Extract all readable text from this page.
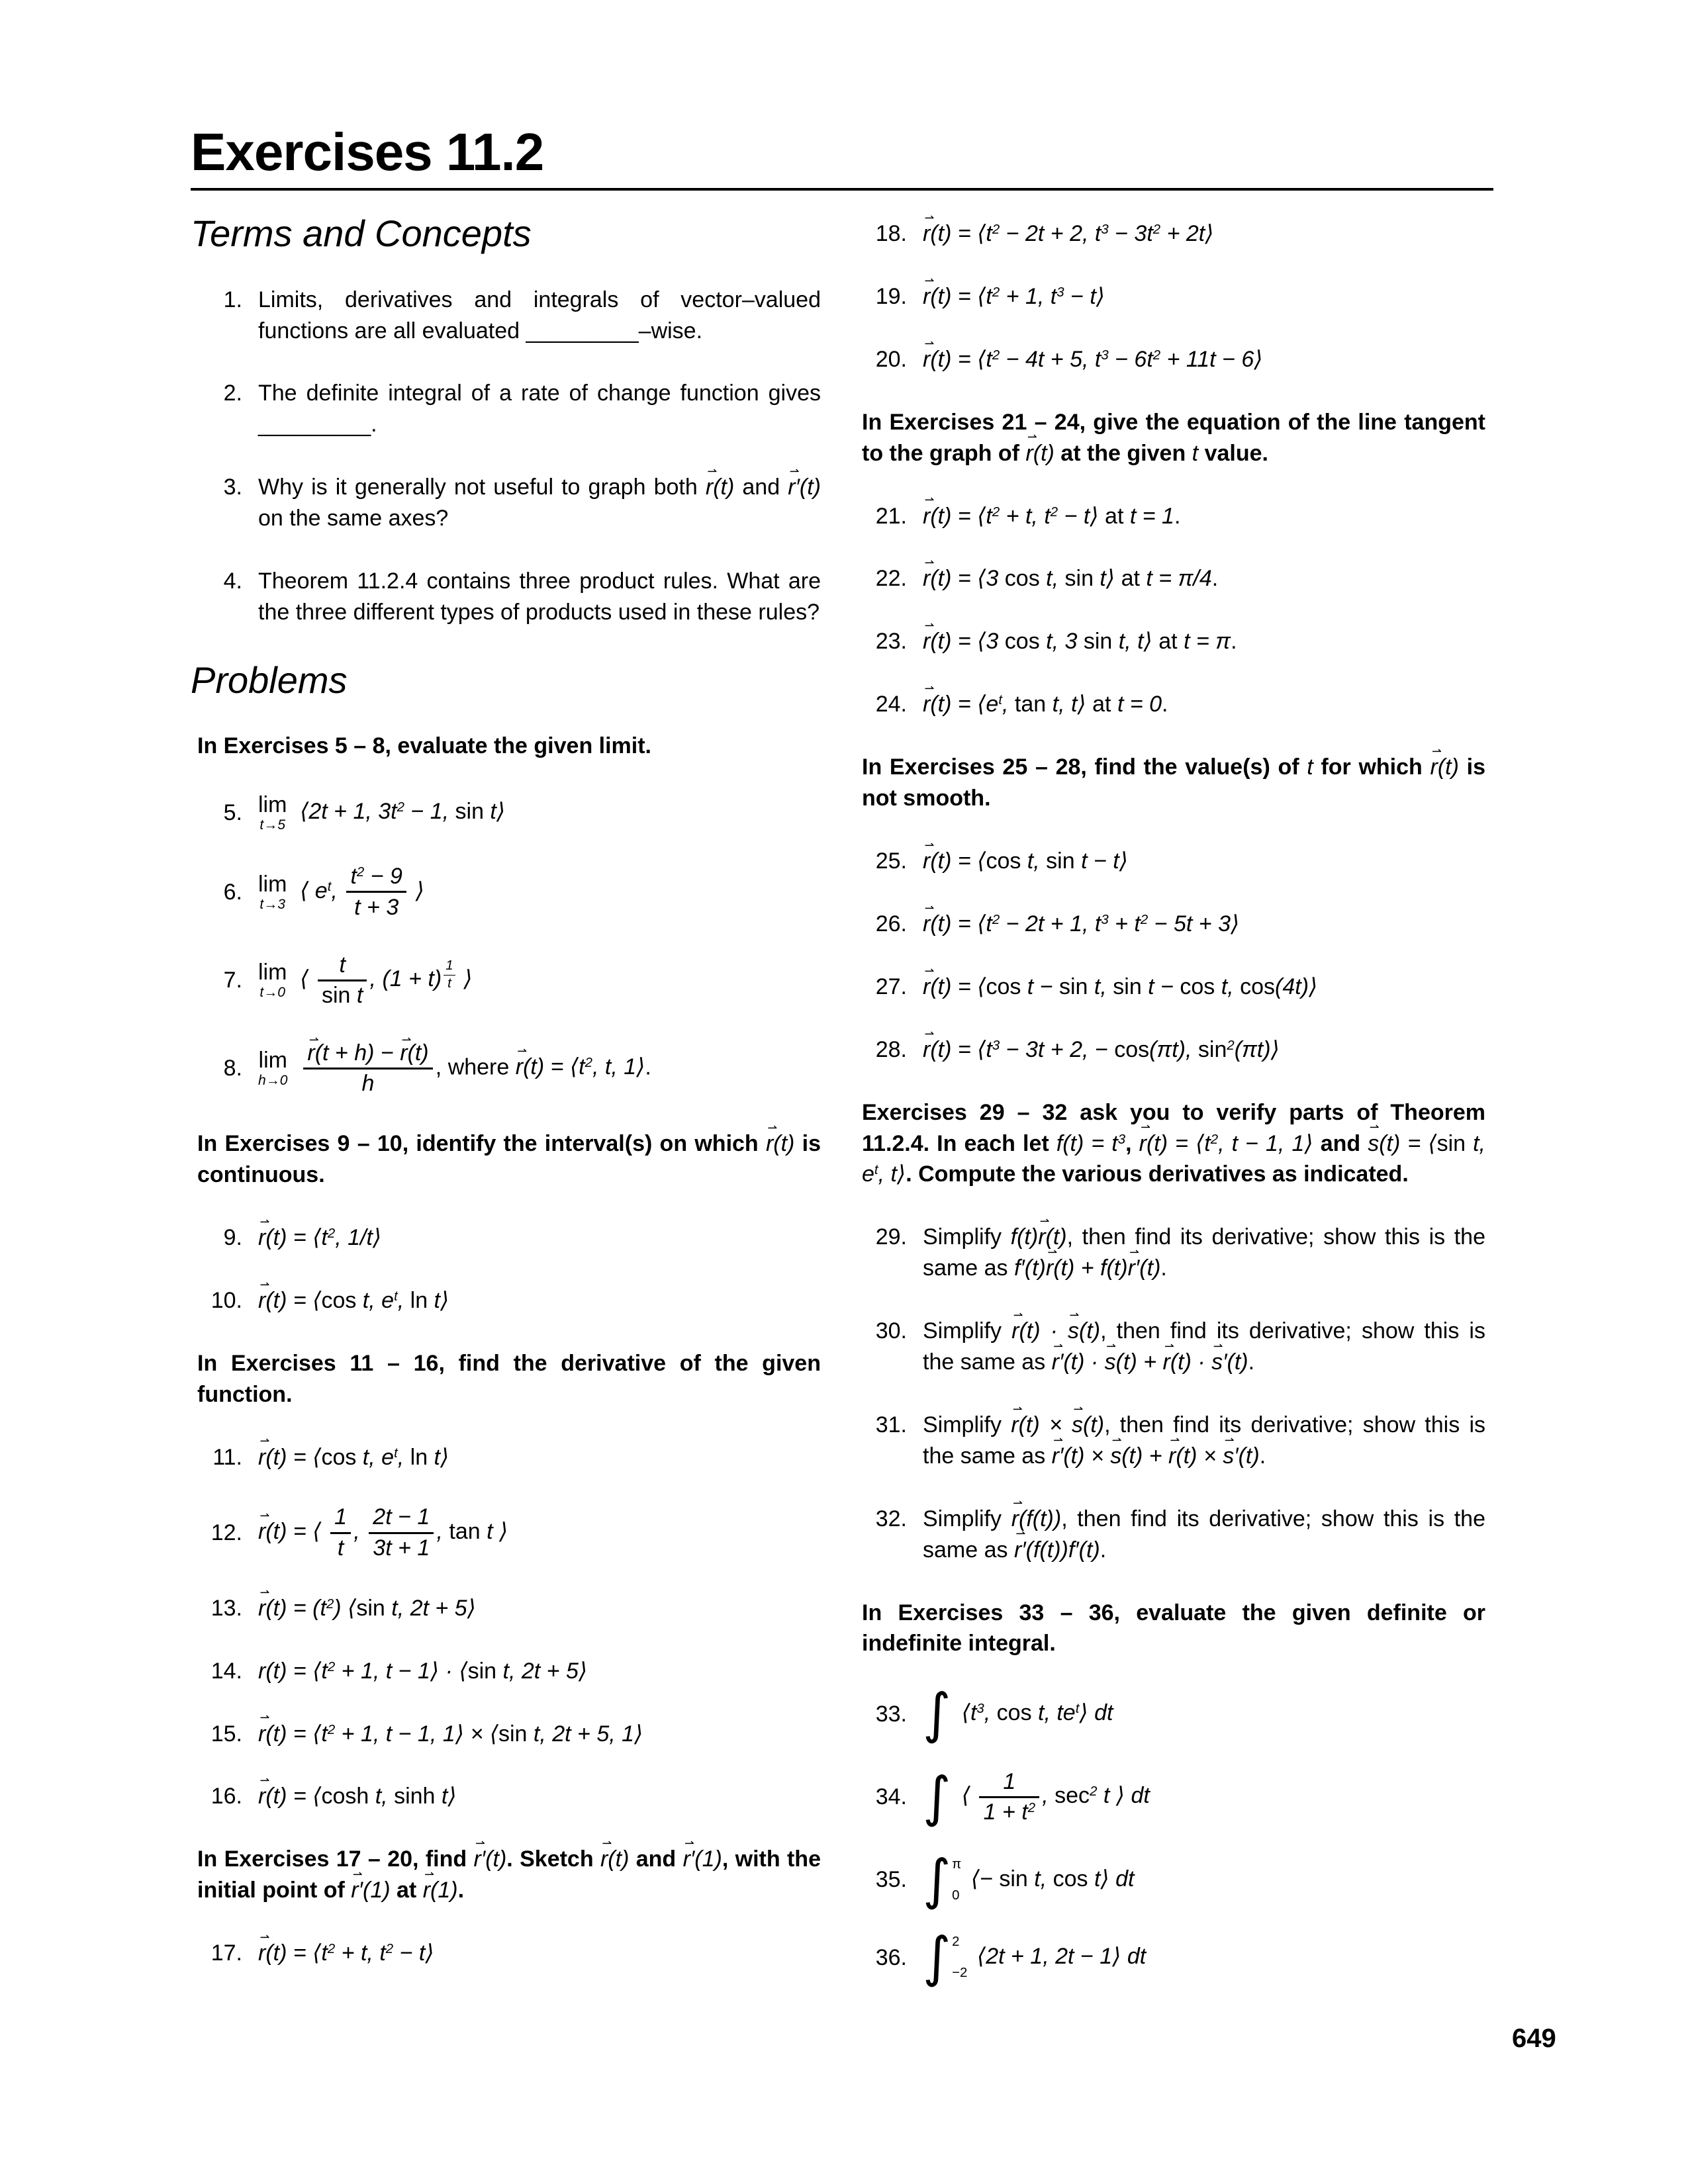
Exercises 11.2
Terms and Concepts
1. Limits, derivatives and integrals of vector–valued functions are all evaluated _________–wise.
2. The definite integral of a rate of change function gives _________.
3. Why is it generally not useful to graph both r ⇀(t) and r ⇀′(t) on the same axes?
4. Theorem 11.2.4 contains three product rules. What are the three different types of products used in these rules?
Problems
In Exercises 5 – 8, evaluate the given limit.
5. lim
t→5
⟨2t + 1, $3t^2 - 1$, sin t⟩
6. lim
t→3
⟨ $e^t$, $\frac{t^2 - 9}{t + 3}$ ⟩
7. lim
t→0
⟨ $\frac{t}{\text{sin t}}$ , (1 + t) $^{\frac{1}{t}}$ ⟩
8. lim
h→0
$\frac{r ⇀(t + h) - r ⇀(t)}{h}$ , where r ⇀(t) = $⟨t^2$, t, 1⟩.
In Exercises 9 – 10, identify the interval(s) on which r ⇀(t) is continuous.
9. r ⇀(t) = $⟨t^2$, 1/t⟩
10. r ⇀(t) = ⟨cos t, $e^t$, ln t⟩
In Exercises 11 – 16, find the derivative of the given function.
11. r ⇀(t) = ⟨cos t, $e^t$, ln t⟩
12. r ⇀(t) = ⟨ $\frac{1}{t}$ , $\frac{2t - 1}{3t + 1}$ , tan t ⟩
13. r ⇀(t) = $(t^2)$ ⟨sin t, 2t + 5⟩
14. $r(t) = ⟨t^2 + 1$, t − 1⟩ · ⟨sin t, 2t + 5⟩
15. r ⇀(t) = $⟨t^2 + 1$, t − 1, 1⟩ × ⟨sin t, 2t + 5, 1⟩
16. r ⇀(t) = ⟨cosh t, sinh t⟩
In Exercises 17 – 20, find r ⇀′(t). Sketch r ⇀(t) and r ⇀′(1), with the initial point of r ⇀′(1) at r ⇀(1).
17. r ⇀(t) = $⟨t^2 + t$, $t^2$ − t⟩
18. r ⇀(t) = $⟨t^2 - 2t + 2$, $t^3 - 3t^2$ + 2t⟩
19. r ⇀(t) = $⟨t^2 + 1$, $t^3$ − t⟩
20. r ⇀(t) = $⟨t^2 - 4t + 5$, $t^3 - 6t^2 + 11t$ − 6⟩
In Exercises 21 – 24, give the equation of the line tangent to the graph of r ⇀(t) at the given t value.
21. r ⇀(t) = $⟨t^2 + t$, $t^2$ − t⟩ at t = 1.
22. r ⇀(t) = ⟨3 cos t, sin t⟩ at t = π/4.
23. r ⇀(t) = ⟨3 cos t, 3 sin t, t⟩ at t = π.
24. r ⇀(t) = $⟨e^t$, tan t, t⟩ at t = 0.
In Exercises 25 – 28, find the value(s) of t for which r ⇀(t) is not smooth.
25. r ⇀(t) = ⟨cos t, sin t − t⟩
26. r ⇀(t) = $⟨t^2 - 2t + 1$, $t^3 + t^2 - 5t$ + 3⟩
27. r ⇀(t) = ⟨cos t − sin t, sin t − cos t, cos(4t)⟩
28. r ⇀(t) = $⟨t^3 - 3t + 2$, − cos(πt), $\sin^2(\pi t)⟩$
Exercises 29 – 32 ask you to verify parts of Theorem 11.2.4. In each let $f(t) = t^3$, r ⇀(t) = $⟨t^2$, t − 1, 1⟩ and s ⇀(t) = ⟨sin t, $e^t$, t⟩. Compute the various derivatives as indicated.
29. Simplify f(t)r ⇀(t), then find its derivative; show this is the same as f′(t)r ⇀(t) + f(t)r ⇀′(t).
30. Simplify r ⇀(t) · s ⇀(t), then find its derivative; show this is the same as r ⇀′(t) · s ⇀(t) + r ⇀(t) · s ⇀′(t).
31. Simplify r ⇀(t) × s ⇀(t), then find its derivative; show this is the same as r ⇀′(t) × s ⇀(t) + r ⇀(t) × s ⇀′(t).
32. Simplify r ⇀(f(t)), then find its derivative; show this is the same as r ⇀′(f(t))f′(t).
In Exercises 33 – 36, evaluate the given definite or indefinite integral.
33. ∫ $⟨t^3$, cos t, $te^t⟩$ dt
34. ∫ ⟨ $\frac{1}{1 + t^2}$ , $\sec^2 t$ ⟩ dt
35. ∫ π
0
⟨− sin t, cos t⟩ dt
36. ∫ 2
−2
⟨2t + 1, 2t − 1⟩ dt
649
